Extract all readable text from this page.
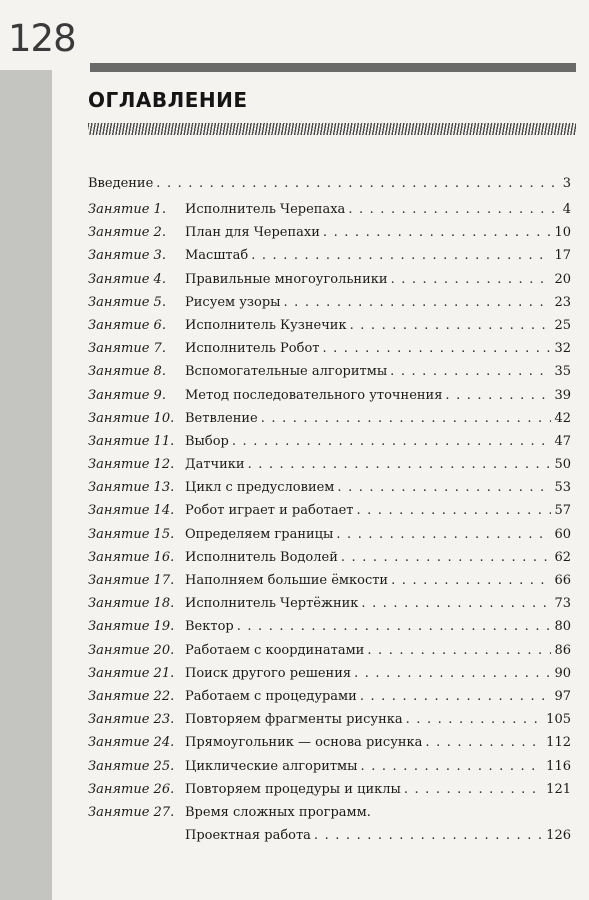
128
ОГЛАВЛЕНИЕ
Введение . . .	3
Занятие 1.	Исполнитель Черепаха . . .	4
Занятие 2.	План для Черепахи . . .	10
Занятие 3.	Масштаб . . .	17
Занятие 4.	Правильные многоугольники . . .	20
Занятие 5.	Рисуем узоры . . .	23
Занятие 6.	Исполнитель Кузнечик . . .	25
Занятие 7.	Исполнитель Робот . . .	32
Занятие 8.	Вспомогательные алгоритмы . . .	35
Занятие 9.	Метод последовательного уточнения . . .	39
Занятие 10. Ветвление . . .	42
Занятие 11. Выбор . . .	47
Занятие 12. Датчики . . .	50
Занятие 13. Цикл с предусловием . . .	53
Занятие 14. Робот играет и работает . . .	57
Занятие 15. Определяем границы . . .	60
Занятие 16. Исполнитель Водолей . . .	62
Занятие 17. Наполняем большие ёмкости . . .	66
Занятие 18. Исполнитель Чертёжник . . .	73
Занятие 19. Вектор . . .	80
Занятие 20. Работаем с координатами . . .	86
Занятие 21. Поиск другого решения . . .	90
Занятие 22. Работаем с процедурами . . .	97
Занятие 23. Повторяем фрагменты рисунка . . .	105
Занятие 24. Прямоугольник — основа рисунка . . .	112
Занятие 25. Циклические алгоритмы . . .	116
Занятие 26. Повторяем процедуры и циклы . . .	121
Занятие 27. Время сложных программ.
Проектная работа . . .	126
